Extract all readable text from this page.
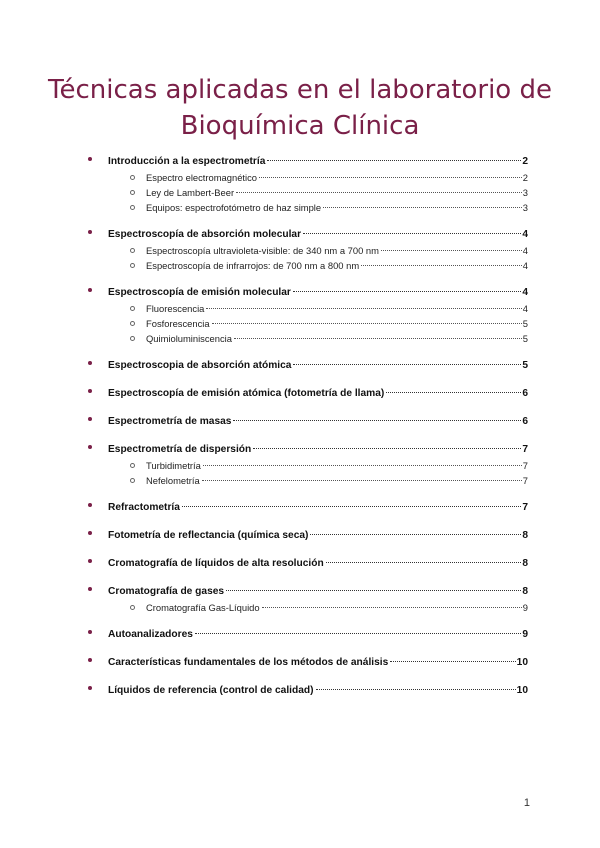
Técnicas aplicadas en el laboratorio de Bioquímica Clínica
Introducción a la espectrometría	2
Espectro electromagnético	2
Ley de Lambert-Beer	3
Equipos: espectrofotómetro de haz simple	3
Espectroscopía de absorción molecular	4
Espectroscopía ultravioleta-visible: de 340 nm a 700 nm	4
Espectroscopía de infrarrojos: de 700 nm a 800 nm	4
Espectroscopía de emisión molecular	4
Fluorescencia	4
Fosforescencia	5
Quimioluminiscencia	5
Espectroscopia de absorción atómica	5
Espectroscopía de emisión atómica (fotometría de llama)	6
Espectrometría de masas	6
Espectrometría de dispersión	7
Turbidimetría	7
Nefelometría	7
Refractometría	7
Fotometría de reflectancia (química seca)	8
Cromatografía de líquidos de alta resolución	8
Cromatografía de gases	8
Cromatografía Gas-Líquido	9
Autoanalizadores	9
Características fundamentales de los métodos de análisis	10
Líquidos de referencia (control de calidad)	10
1
